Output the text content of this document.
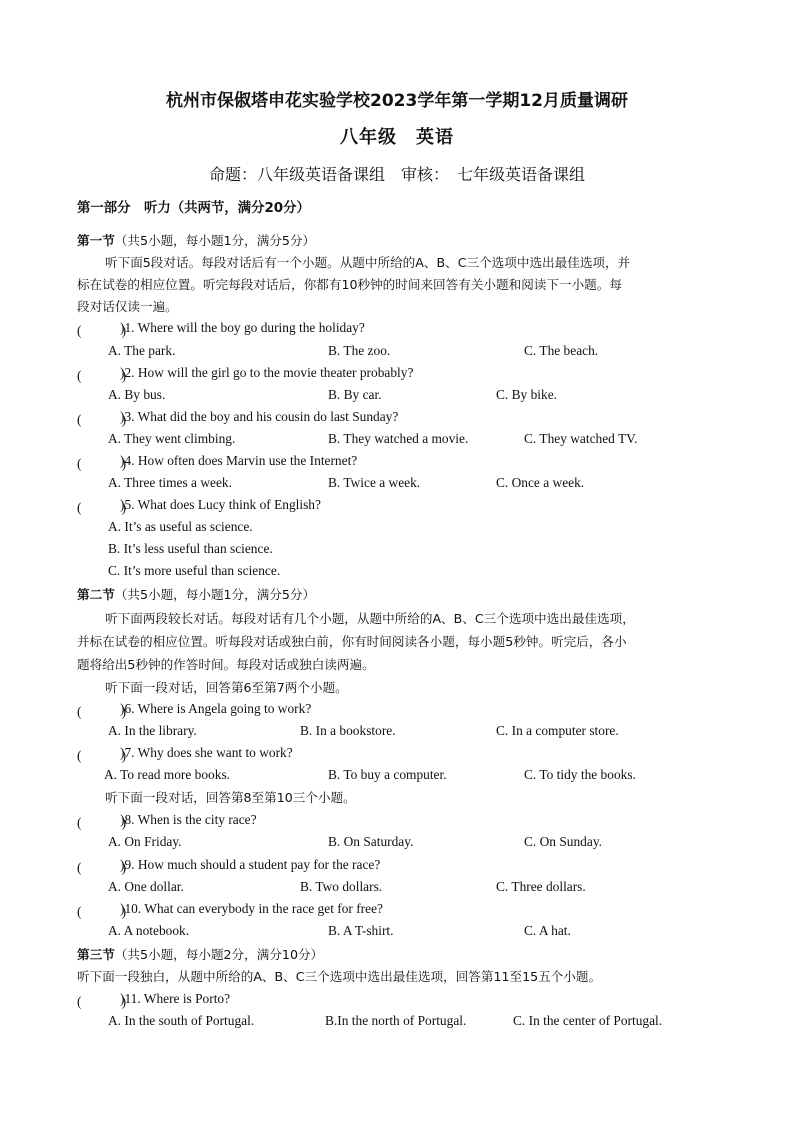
杭州市保俶塔申花实验学校2023学年第一学期12月质量调研
八年级　英语
命题：八年级英语备课组　审核：　七年级英语备课组
第一部分　听力（共两节，满分20分）
第一节（共5小题，每小题1分，满分5分）
听下面5段对话。每段对话后有一个小题。从题中所给的A、B、C三个选项中选出最佳选项，并
标在试卷的相应位置。听完每段对话后，你都有10秒钟的时间来回答有关小题和阅读下一小题。每
段对话仅读一遍。
(　　　)
)1. Where will the boy go during the holiday?
A. The park.	B. The zoo.	C. The beach.
(　　　)
)2. How will the girl go to the movie theater probably?
A. By bus.	B. By car.	C. By bike.
(　　　)
)3. What did the boy and his cousin do last Sunday?
A. They went climbing.	B. They watched a movie.	C. They watched TV.
(　　　)
)4. How often does Marvin use the Internet?
A. Three times a week.	B. Twice a week.	C. Once a week.
(　　　)
)5. What does Lucy think of English?
A. It’s as useful as science.
B. It’s less useful than science.
C. It’s more useful than science.
第二节（共5小题，每小题1分，满分5分）
听下面两段较长对话。每段对话有几个小题，从题中所给的A、B、C三个选项中选出最佳选项，
并标在试卷的相应位置。听每段对话或独白前，你有时间阅读各小题，每小题5秒钟。听完后，各小
题将给出5秒钟的作答时间。每段对话或独白读两遍。
听下面一段对话，回答第6至第7两个小题。
(　　　)
)6. Where is Angela going to work?
A. In the library.	B. In a bookstore.	C. In a computer store.
(　　　)
)7. Why does she want to work?
A. To read more books.	B. To buy a computer.	C. To tidy the books.
听下面一段对话，回答第8至第10三个小题。
(　　　)
)8. When is the city race?
A. On Friday.	B. On Saturday.	C. On Sunday.
(　　　)
)9. How much should a student pay for the race?
A. One dollar.	B. Two dollars.	C. Three dollars.
(　　　)
)10. What can everybody in the race get for free?
A. A notebook.	B. A T-shirt.	C. A hat.
第三节（共5小题，每小题2分，满分10分）
听下面一段独白，从题中所给的A、B、C三个选项中选出最佳选项，回答第11至15五个小题。
(　　　)
)11. Where is Porto?
A. In the south of Portugal.	B.In the north of Portugal.	C. In the center of Portugal.
